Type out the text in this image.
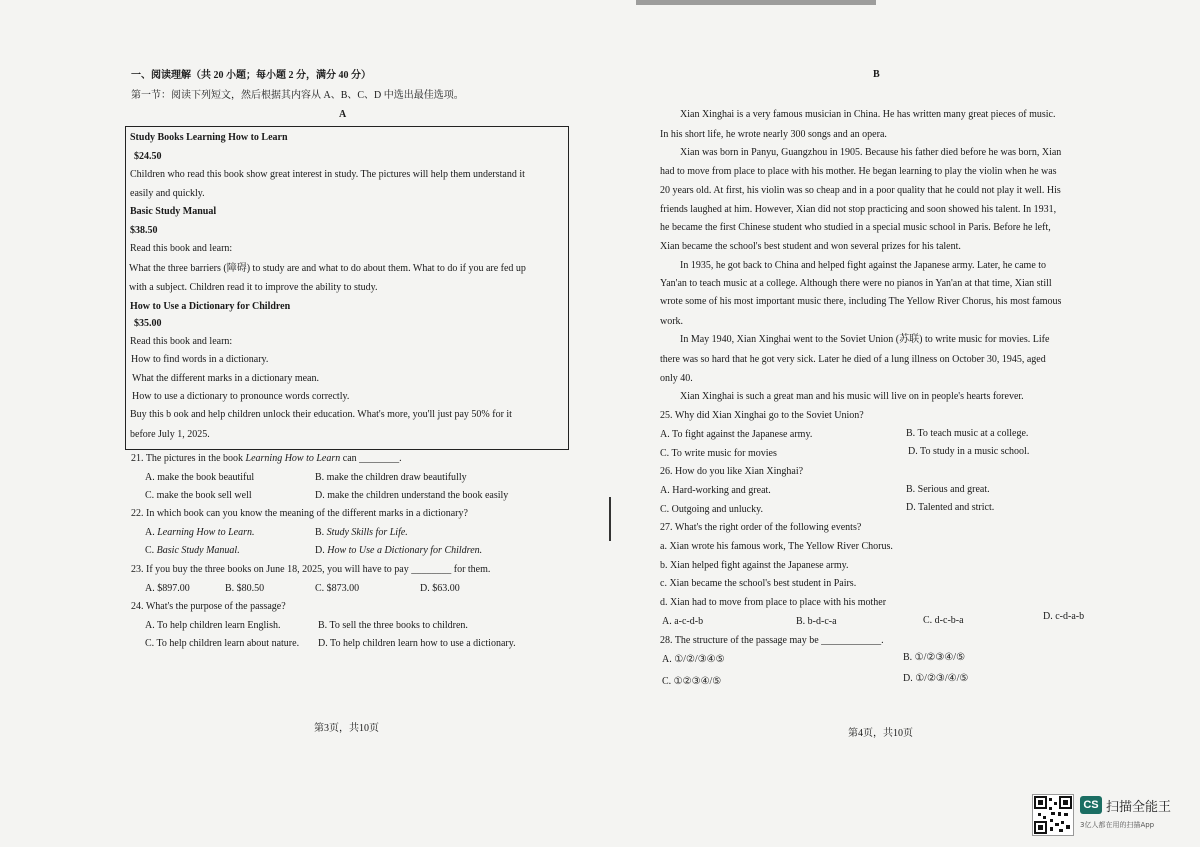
一、阅读理解（共 20 小题；每小题 2 分，满分 40 分）
第一节：阅读下列短文，然后根据其内容从 A、B、C、D 中选出最佳选项。
A
Study Books Learning How to Learn
$24.50
Children who read this book show great interest in study. The pictures will help them understand it
easily and quickly.
Basic Study Manual
$38.50
Read this book and learn:
What the three barriers (障碍) to study are and what to do about them. What to do if you are fed up
with a subject. Children read it to improve the ability to study.
How to Use a Dictionary for Children
$35.00
Read this book and learn:
How to find words in a dictionary.
What the different marks in a dictionary mean.
How to use a dictionary to pronounce words correctly.
Buy this b ook and help children unlock their education. What's more, you'll just pay 50% for it
before July 1, 2025.
21. The pictures in the book Learning How to Learn can ________.
A. make the book beautiful	B. make the children draw beautifully
C. make the book sell well	D. make the children understand the book easily
22. In which book can you know the meaning of the different marks in a dictionary?
A. Learning How to Learn.	B. Study Skills for Life.
C. Basic Study Manual.	D. How to Use a Dictionary for Children.
23. If you buy the three books on June 18, 2025, you will have to pay ________ for them.
A. $897.00	B. $80.50	C. $873.00	D. $63.00
24. What's the purpose of the passage?
A. To help children learn English.	B. To sell the three books to children.
C. To help children learn about nature. D. To help children learn how to use a dictionary.
第3页，共10页
B
Xian Xinghai is a very famous musician in China. He has written many great pieces of music.
In his short life, he wrote nearly 300 songs and an opera.
Xian was born in Panyu, Guangzhou in 1905. Because his father died before he was born, Xian
had to move from place to place with his mother. He began learning to play the violin when he was
20 years old. At first, his violin was so cheap and in a poor quality that he could not play it well. His
friends laughed at him. However, Xian did not stop practicing and soon showed his talent. In 1931,
he became the first Chinese student who studied in a special music school in Paris. Before he left,
Xian became the school's best student and won several prizes for his talent.
In 1935, he got back to China and helped fight against the Japanese army. Later, he came to
Yan'an to teach music at a college. Although there were no pianos in Yan'an at that time, Xian still
wrote some of his most important music there, including The Yellow River Chorus, his most famous
work.
In May 1940, Xian Xinghai went to the Soviet Union (苏联) to write music for movies. Life
there was so hard that he got very sick. Later he died of a lung illness on October 30, 1945, aged
only 40.
Xian Xinghai is such a great man and his music will live on in people's hearts forever.
25. Why did Xian Xinghai go to the Soviet Union?
A. To fight against the Japanese army.	B. To teach music at a college.
C. To write music for movies	D. To study in a music school.
26. How do you like Xian Xinghai?
A. Hard-working and great.	B. Serious and great.
C. Outgoing and unlucky.	D. Talented and strict.
27. What's the right order of the following events?
a. Xian wrote his famous work, The Yellow River Chorus.
b. Xian helped fight against the Japanese army.
c. Xian became the school's best student in Pairs.
d. Xian had to move from place to place with his mother
A. a-c-d-b	B. b-d-c-a	C. d-c-b-a	D. c-d-a-b
28. The structure of the passage may be ____________.
A. ①/②/③④⑤	B. ①/②③④/⑤
C. ①②③④/⑤	D. ①/②③/④/⑤
第4页，共10页
CS 扫描全能王
3亿人都在用的扫描App
